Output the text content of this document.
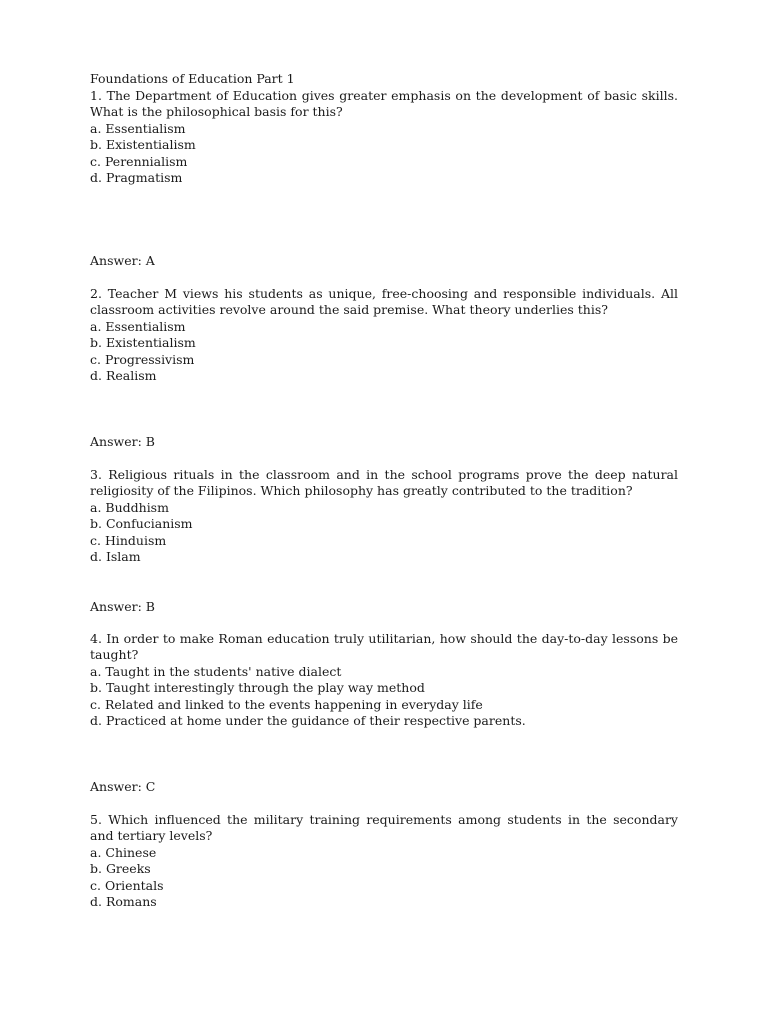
Foundations of Education Part 1
1. The Department of Education gives greater emphasis on the development of basic skills. What is the philosophical basis for this?
a. Essentialism
b. Existentialism
c. Perennialism
d. Pragmatism
Answer: A
2. Teacher M views his students as unique, free-choosing and responsible individuals. All classroom activities revolve around the said premise. What theory underlies this?
a. Essentialism
b. Existentialism
c. Progressivism
d. Realism
Answer: B
3. Religious rituals in the classroom and in the school programs prove the deep natural religiosity of the Filipinos. Which philosophy has greatly contributed to the tradition?
a. Buddhism
b. Confucianism
c. Hinduism
d. Islam
Answer: B
4. In order to make Roman education truly utilitarian, how should the day-to-day lessons be taught?
a. Taught in the students' native dialect
b. Taught interestingly through the play way method
c. Related and linked to the events happening in everyday life
d. Practiced at home under the guidance of their respective parents.
Answer: C
5. Which influenced the military training requirements among students in the secondary and tertiary levels?
a. Chinese
b. Greeks
c. Orientals
d. Romans
